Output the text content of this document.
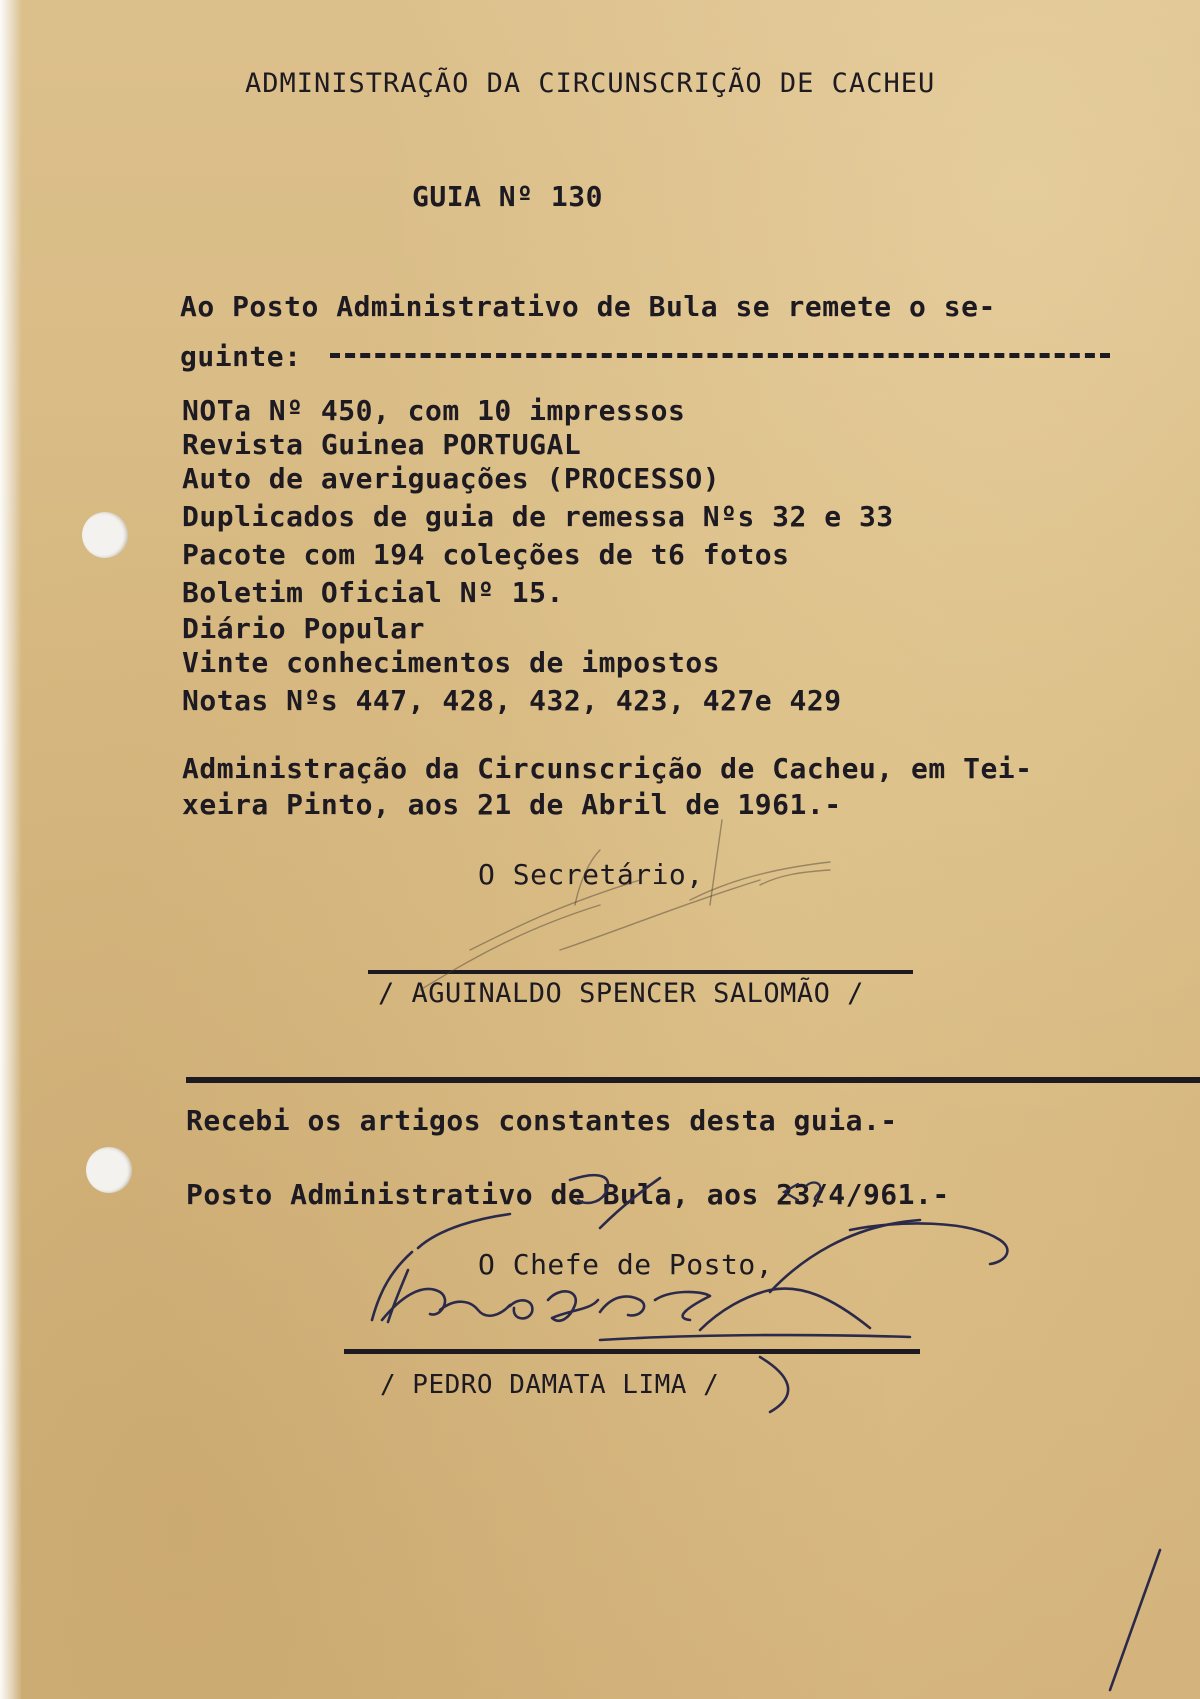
ADMINISTRAÇÃO DA CIRCUNSCRIÇÃO DE CACHEU
GUIA Nº 130
Ao Posto Administrativo de Bula se remete o se-
guinte:
NOTa Nº 450, com 10 impressos
Revista Guinea PORTUGAL
Auto de averiguações (PROCESSO)
Duplicados de guia de remessa Nºs 32 e 33
Pacote com 194 coleções de t6 fotos
Boletim Oficial Nº 15.
Diário Popular
Vinte conhecimentos de impostos
Notas Nºs 447, 428, 432, 423, 427e 429
Administração da Circunscrição de Cacheu, em Tei-
xeira Pinto, aos 21 de Abril de 1961.-
O Secretário,
/ AGUINALDO SPENCER SALOMÃO /
Recebi os artigos constantes desta guia.-
Posto Administrativo de Bula, aos 23/4/961.-
O Chefe de Posto,
/ PEDRO DAMATA LIMA /
